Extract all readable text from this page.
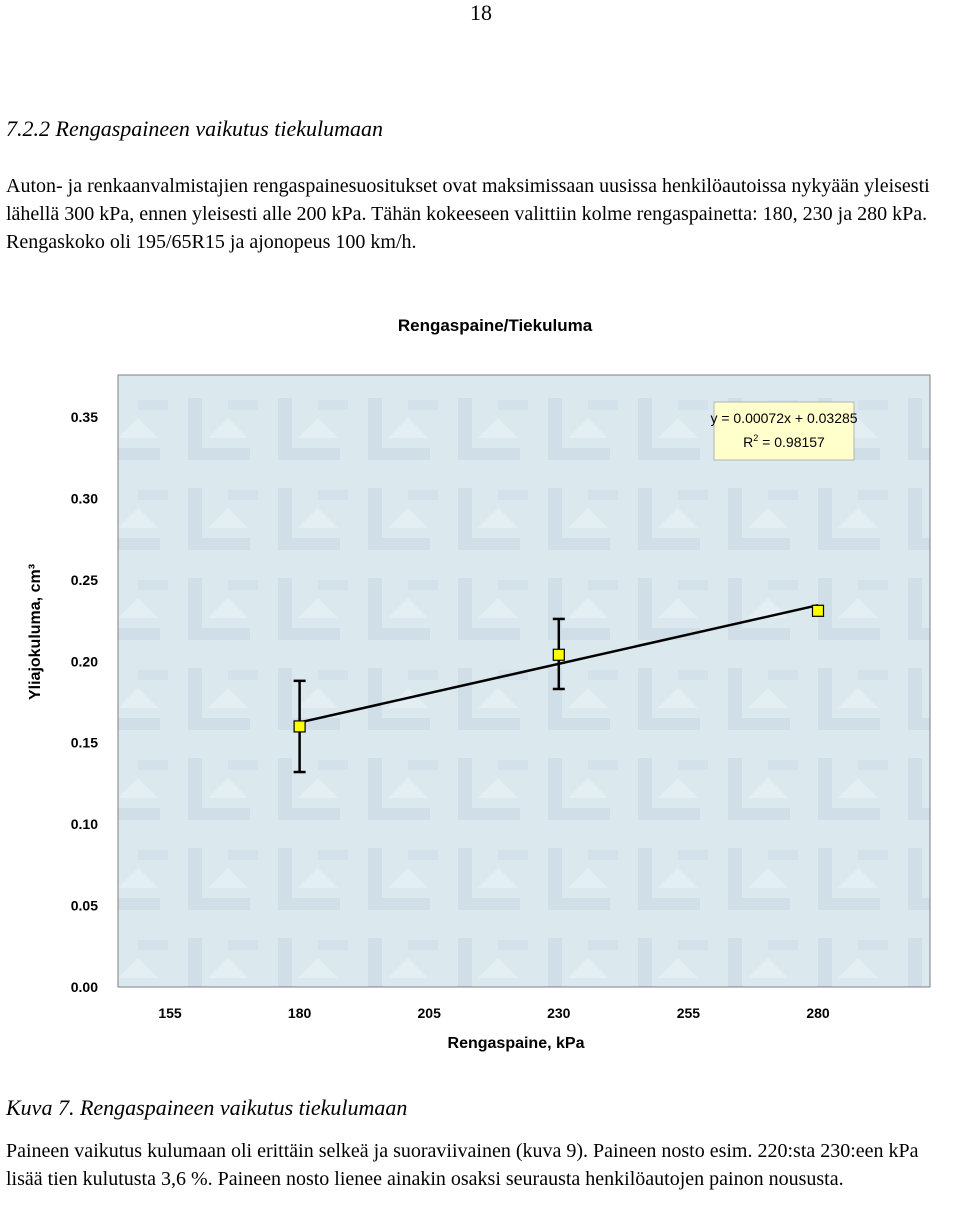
18
7.2.2 Rengaspaineen vaikutus tiekulumaan

Auton- ja renkaanvalmistajien rengaspainesuositukset ovat maksimissaan uusissa henkilöautoissa nykyään yleisesti lähellä 300 kPa, ennen yleisesti alle 200 kPa. Tähän kokeeseen valittiin kolme rengaspainetta: 180, 230 ja 280 kPa. Rengaskoko oli 195/65R15 ja ajonopeus 100 km/h.

Rengaspaine/Tiekuluma
0.00
0.05
0.10
0.15
0.20
0.25
0.30
0.35
155	180	205	230	255	280
y = 0.00072x + 0.03285
$R^2 = 0.98157$
Rengaspaine, kPa
Yliajokuluma, cm³
Kuva 7. Rengaspaineen vaikutus tiekulumaan

Paineen vaikutus kulumaan oli erittäin selkeä ja suoraviivainen (kuva 9). Paineen nosto esim. 220:sta 230:een kPa lisää tien kulutusta 3,6 %. Paineen nosto lienee ainakin osaksi seurausta henkilöautojen painon noususta.
